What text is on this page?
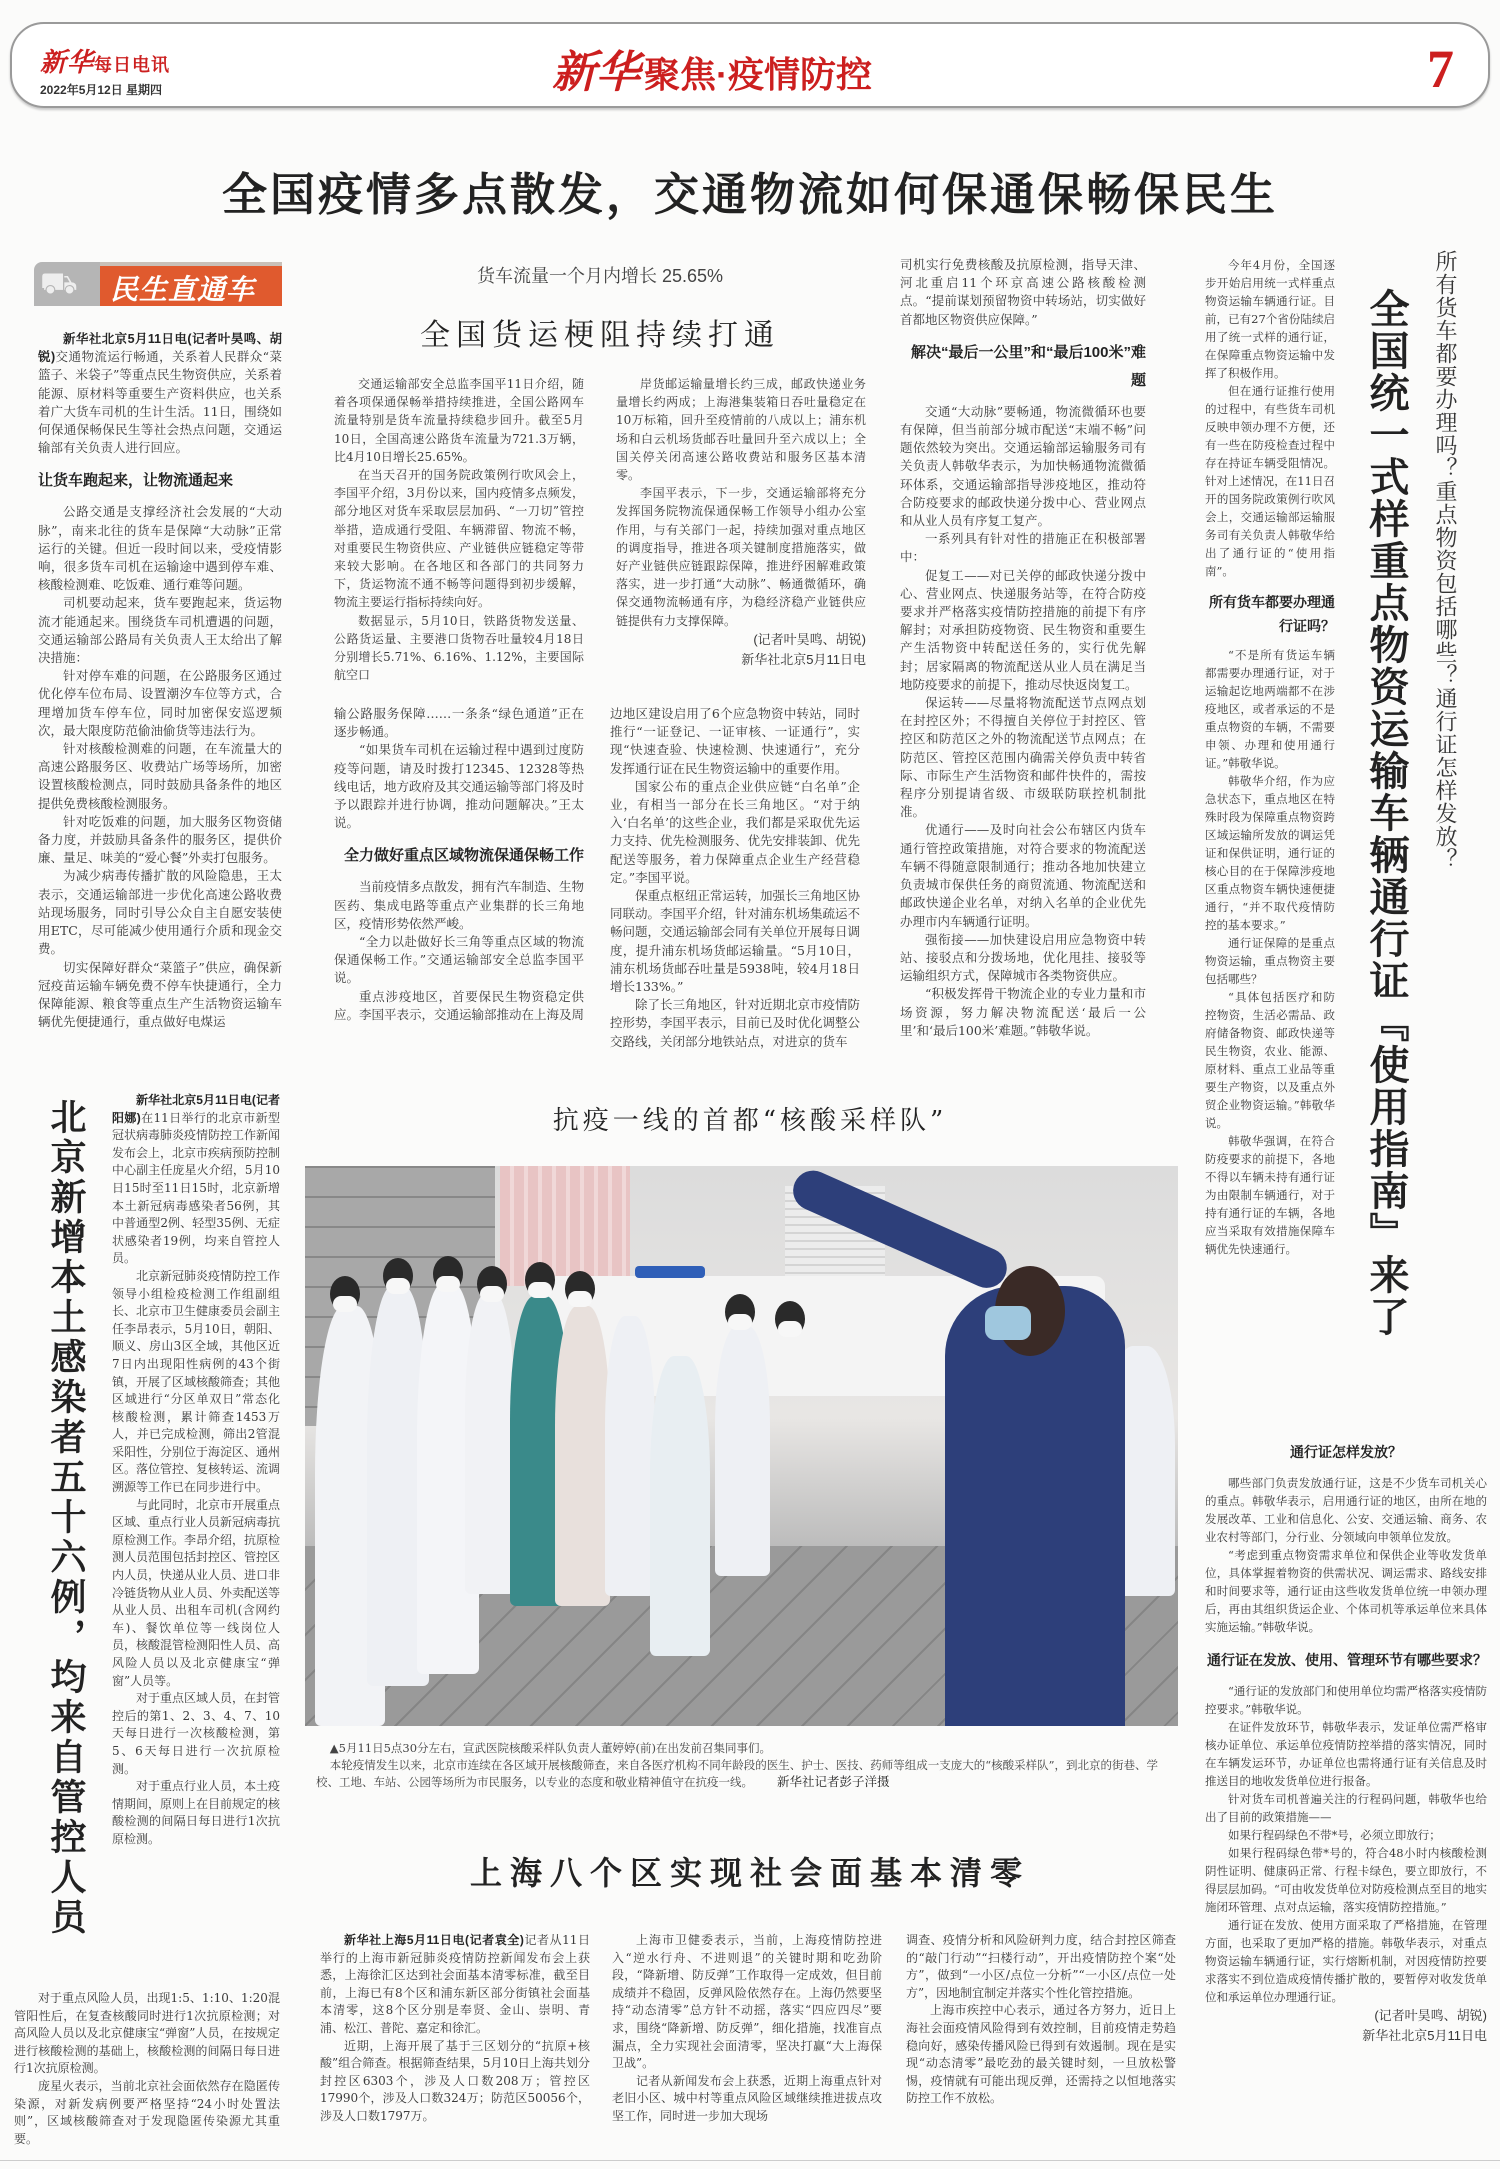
新华每日电讯
2022年5月12日 星期四	新华 聚焦·疫情防控	7
全国疫情多点散发，交通物流如何保通保畅保民生
⛟	民生直通车

新华社北京5月11日电(记者叶昊鸣、胡锐)交通物流运行畅通，关系着人民群众“菜篮子、米袋子”等重点民生物资供应，关系着能源、原材料等重要生产资料供应，也关系着广大货车司机的生计生活。11日，围绕如何保通保畅保民生等社会热点问题，交通运输部有关负责人进行回应。

让货车跑起来，让物流通起来

公路交通是支撑经济社会发展的“大动脉”，南来北往的货车是保障“大动脉”正常运行的关键。但近一段时间以来，受疫情影响，很多货车司机在运输途中遇到停车难、核酸检测难、吃饭难、通行难等问题。

司机要动起来，货车要跑起来，货运物流才能通起来。围绕货车司机遭遇的问题，交通运输部公路局有关负责人王太给出了解决措施：

针对停车难的问题，在公路服务区通过优化停车位布局、设置潮汐车位等方式，合理增加货车停车位，同时加密保安巡逻频次，最大限度防范偷油偷货等违法行为。

针对核酸检测难的问题，在车流量大的高速公路服务区、收费站广场等场所，加密设置核酸检测点，同时鼓励具备条件的地区提供免费核酸检测服务。

针对吃饭难的问题，加大服务区物资储备力度，并鼓励具备条件的服务区，提供价廉、量足、味美的“爱心餐”外卖打包服务。

为减少病毒传播扩散的风险隐患，王太表示，交通运输部进一步优化高速公路收费站现场服务，同时引导公众自主自愿安装使用ETC，尽可能减少使用通行介质和现金交费。

切实保障好群众“菜篮子”供应，确保新冠疫苗运输车辆免费不停车快捷通行，全力保障能源、粮食等重点生产生活物资运输车辆优先便捷通行，重点做好电煤运

货车流量一个月内增长 25.65%
全国货运梗阻持续打通

交通运输部安全总监李国平11日介绍，随着各项保通保畅举措持续推进，全国公路网车流量特别是货车流量持续稳步回升。截至5月10日，全国高速公路货车流量为721.3万辆，比4月10日增长25.65%。

在当天召开的国务院政策例行吹风会上，李国平介绍，3月份以来，国内疫情多点频发，部分地区对货车采取层层加码、“一刀切”管控举措，造成通行受阻、车辆滞留、物流不畅，对重要民生物资供应、产业链供应链稳定等带来较大影响。在各地区和各部门的共同努力下，货运物流不通不畅等问题得到初步缓解，物流主要运行指标持续向好。

数据显示，5月10日，铁路货物发送量、公路货运量、主要港口货物吞吐量较4月18日分别增长5.71%、6.16%、1.12%，主要国际航空口

岸货邮运输量增长约三成，邮政快递业务量增长约两成；上海港集装箱日吞吐量稳定在10万标箱，回升至疫情前的八成以上；浦东机场和白云机场货邮吞吐量回升至六成以上；全国关停关闭高速公路收费站和服务区基本清零。

李国平表示，下一步，交通运输部将充分发挥国务院物流保通保畅工作领导小组办公室作用，与有关部门一起，持续加强对重点地区的调度指导，推进各项关键制度措施落实，做好产业链供应链跟踪保障，推进纾困解难政策落实，进一步打通“大动脉”、畅通微循环，确保交通物流畅通有序，为稳经济稳产业链供应链提供有力支撑保障。

(记者叶昊鸣、胡锐)
新华社北京5月11日电

输公路服务保障……一条条“绿色通道”正在逐步畅通。

“如果货车司机在运输过程中遇到过度防疫等问题，请及时拨打12345、12328等热线电话，地方政府及其交通运输等部门将及时予以跟踪并进行协调，推动问题解决。”王太说。

全力做好重点区域物流保通保畅工作

当前疫情多点散发，拥有汽车制造、生物医药、集成电路等重点产业集群的长三角地区，疫情形势依然严峻。

“全力以赴做好长三角等重点区域的物流保通保畅工作。”交通运输部安全总监李国平说。

重点涉疫地区，首要保民生物资稳定供应。李国平表示，交通运输部推动在上海及周

边地区建设启用了6个应急物资中转站，同时推行“一证登记、一证审核、一证通行”，实现“快速查验、快速检测、快速通行”，充分发挥通行证在民生物资运输中的重要作用。

国家公布的重点企业供应链“白名单”企业，有相当一部分在长三角地区。“对于纳入‘白名单’的这些企业，我们都是采取优先运力支持、优先检测服务、优先安排装卸、优先配送等服务，着力保障重点企业生产经营稳定。”李国平说。

保重点枢纽正常运转，加强长三角地区协同联动。李国平介绍，针对浦东机场集疏运不畅问题，交通运输部会同有关单位开展每日调度，提升浦东机场货邮运输量。“5月10日，浦东机场货邮吞吐量是5938吨，较4月18日增长133%。”

除了长三角地区，针对近期北京市疫情防控形势，李国平表示，目前已及时优化调整公交路线，关闭部分地铁站点，对进京的货车

司机实行免费核酸及抗原检测，指导天津、河北重启11个环京高速公路核酸检测点。“提前谋划预留物资中转场站，切实做好首都地区物资供应保障。”

解决“最后一公里”和“最后100米”难题

交通“大动脉”要畅通，物流微循环也要有保障，但当前部分城市配送“末端不畅”问题依然较为突出。交通运输部运输服务司有关负责人韩敬华表示，为加快畅通物流微循环体系，交通运输部指导涉疫地区，推动符合防疫要求的邮政快递分拨中心、营业网点和从业人员有序复工复产。

一系列具有针对性的措施正在积极部署中：

促复工——对已关停的邮政快递分拨中心、营业网点、快递服务站等，在符合防疫要求并严格落实疫情防控措施的前提下有序解封；对承担防疫物资、民生物资和重要生产生活物资中转配送任务的，实行优先解封；居家隔离的物流配送从业人员在满足当地防疫要求的前提下，推动尽快返岗复工。

保运转——尽量将物流配送节点网点划在封控区外；不得擅自关停位于封控区、管控区和防范区之外的物流配送节点网点；在防范区、管控区范围内确需关停负责中转省际、市际生产生活物资和邮件快件的，需按程序分别提请省级、市级联防联控机制批准。

优通行——及时向社会公布辖区内货车通行管控政策措施，对符合要求的物流配送车辆不得随意限制通行；推动各地加快建立负责城市保供任务的商贸流通、物流配送和邮政快递企业名单，对纳入名单的企业优先办理市内车辆通行证明。

强衔接——加快建设启用应急物资中转站、接驳点和分拨场地，优化甩挂、接驳等运输组织方式，保障城市各类物资供应。

“积极发挥骨干物流企业的专业力量和市场资源，努力解决物流配送‘最后一公里’和‘最后100米’难题。”韩敬华说。

所有货车都要办理吗？重点物资包括哪些？通行证怎样发放？
全国统一式样重点物资运输车辆通行证『使用指南』来了

今年4月份，全国逐步开始启用统一式样重点物资运输车辆通行证。目前，已有27个省份陆续启用了统一式样的通行证，在保障重点物资运输中发挥了积极作用。

但在通行证推行使用的过程中，有些货车司机反映申领办理不方便，还有一些在防疫检查过程中存在持证车辆受阻情况。针对上述情况，在11日召开的国务院政策例行吹风会上，交通运输部运输服务司有关负责人韩敬华给出了通行证的“使用指南”。

所有货车都要办理通行证吗？

“不是所有货运车辆都需要办理通行证，对于运输起讫地两端都不在涉疫地区，或者承运的不是重点物资的车辆，不需要申领、办理和使用通行证。”韩敬华说。

韩敬华介绍，作为应急状态下，重点地区在特殊时段为保障重点物资跨区域运输所发放的调运凭证和保供证明，通行证的核心目的在于保障涉疫地区重点物资车辆快速便捷通行，“并不取代疫情防控的基本要求。”

通行证保障的是重点物资运输，重点物资主要包括哪些？

“具体包括医疗和防控物资，生活必需品、政府储备物资、邮政快递等民生物资，农业、能源、原材料、重点工业品等重要生产物资，以及重点外贸企业物资运输。”韩敬华说。

韩敬华强调，在符合防疫要求的前提下，各地不得以车辆未持有通行证为由限制车辆通行，对于持有通行证的车辆，各地应当采取有效措施保障车辆优先快速通行。

通行证怎样发放？

哪些部门负责发放通行证，这是不少货车司机关心的重点。韩敬华表示，启用通行证的地区，由所在地的发展改革、工业和信息化、公安、交通运输、商务、农业农村等部门，分行业、分领域向申领单位发放。

“考虑到重点物资需求单位和保供企业等收发货单位，具体掌握着物资的供需状况、调运需求、路线安排和时间要求等，通行证由这些收发货单位统一申领办理后，再由其组织货运企业、个体司机等承运单位来具体实施运输。”韩敬华说。

通行证在发放、使用、管理环节有哪些要求？

“通行证的发放部门和使用单位均需严格落实疫情防控要求。”韩敬华说。

在证件发放环节，韩敬华表示，发证单位需严格审核办证单位、承运单位疫情防控举措的落实情况，同时在车辆发运环节，办证单位也需将通行证有关信息及时推送目的地收发货单位进行报备。

针对货车司机普遍关注的行程码问题，韩敬华也给出了目前的政策措施——

如果行程码绿色不带*号，必须立即放行；

如果行程码绿色带*号的，符合48小时内核酸检测阴性证明、健康码正常、行程卡绿色，要立即放行，不得层层加码。“可由收发货单位对防疫检测点至目的地实施闭环管理、点对点运输，落实疫情防控措施。”

通行证在发放、使用方面采取了严格措施，在管理方面，也采取了更加严格的措施。韩敬华表示，对重点物资运输车辆通行证，实行熔断机制，对因疫情防控要求落实不到位造成疫情传播扩散的，要暂停对收发货单位和承运单位办理通行证。

(记者叶昊鸣、胡锐)
新华社北京5月11日电
北京新增本土感染者五十六例，均来自管控人员	新华社北京5月11日电(记者阳娜)在11日举行的北京市新型冠状病毒肺炎疫情防控工作新闻发布会上，北京市疾病预防控制中心副主任庞星火介绍，5月10日15时至11日15时，北京新增本土新冠病毒感染者56例，其中普通型2例、轻型35例、无症状感染者19例，均来自管控人员。

北京新冠肺炎疫情防控工作领导小组检疫检测工作组副组长、北京市卫生健康委员会副主任李昂表示，5月10日，朝阳、顺义、房山3区全域，其他区近7日内出现阳性病例的43个街镇，开展了区域核酸筛查；其他区域进行“分区单双日”常态化核酸检测，累计筛查1453万人，并已完成检测，筛出2管混采阳性，分别位于海淀区、通州区。落位管控、复核转运、流调溯源等工作已在同步进行中。

与此同时，北京市开展重点区域、重点行业人员新冠病毒抗原检测工作。李昂介绍，抗原检测人员范围包括封控区、管控区内人员，快递从业人员、进口非冷链货物从业人员、外卖配送等从业人员、出租车司机(含网约车)、餐饮单位等一线岗位人员，核酸混管检测阳性人员、高风险人员以及北京健康宝“弹窗”人员等。

对于重点区域人员，在封管控后的第1、2、3、4、7、10天每日进行一次核酸检测，第5、6天每日进行一次抗原检测。

对于重点行业人员，本土疫情期间，原则上在目前规定的核酸检测的间隔日每日进行1次抗原检测。

对于重点风险人员，出现1:5、1:10、1:20混管阳性后，在复查核酸同时进行1次抗原检测；对高风险人员以及北京健康宝“弹窗”人员，在按规定进行核酸检测的基础上，核酸检测的间隔日每日进行1次抗原检测。

庞星火表示，当前北京社会面依然存在隐匿传染源，对新发病例要严格坚持“24小时处置法则”，区域核酸筛查对于发现隐匿传染源尤其重要。

抗疫一线的首都“核酸采样队”

▲5月11日5点30分左右，宣武医院核酸采样队负责人董婷婷(前)在出发前召集同事们。

本轮疫情发生以来，北京市连续在各区域开展核酸筛查，来自各医疗机构不同年龄段的医生、护士、医技、药师等组成一支庞大的“核酸采样队”，到北京的街巷、学校、工地、车站、公园等场所为市民服务，以专业的态度和敬业精神值守在抗疫一线。 新华社记者彭子洋摄

上海八个区实现社会面基本清零

新华社上海5月11日电(记者袁全)记者从11日举行的上海市新冠肺炎疫情防控新闻发布会上获悉，上海徐汇区达到社会面基本清零标准，截至目前，上海已有8个区和浦东新区部分街镇社会面基本清零，这8个区分别是奉贤、金山、崇明、青浦、松江、普陀、嘉定和徐汇。

近期，上海开展了基于三区划分的“抗原+核酸”组合筛查。根据筛查结果，5月10日上海共划分封控区6303个，涉及人口数208万；管控区17990个，涉及人口数324万；防范区50056个，涉及人口数1797万。

上海市卫健委表示，当前，上海疫情防控进入“逆水行舟、不进则退”的关键时期和吃劲阶段，“降新增、防反弹”工作取得一定成效，但目前成绩并不稳固，反弹风险依然存在。上海仍然要坚持“动态清零”总方针不动摇，落实“四应四尽”要求，围绕“降新增、防反弹”，细化措施，找准盲点漏点，全力实现社会面清零，坚决打赢“大上海保卫战”。

记者从新闻发布会上获悉，近期上海重点针对老旧小区、城中村等重点风险区域继续推进拔点攻坚工作，同时进一步加大现场

调查、疫情分析和风险研判力度，结合封控区筛查的“敲门行动”“扫楼行动”，开出疫情防控个案“处方”，做到“一小区/点位一分析”“一小区/点位一处方”，因地制宜制定并落实个性化管控措施。

上海市疾控中心表示，通过各方努力，近日上海社会面疫情风险得到有效控制，目前疫情走势趋稳向好，感染传播风险已得到有效遏制。现在是实现“动态清零”最吃劲的最关键时刻，一旦放松警惕，疫情就有可能出现反弹，还需持之以恒地落实防控工作不放松。
